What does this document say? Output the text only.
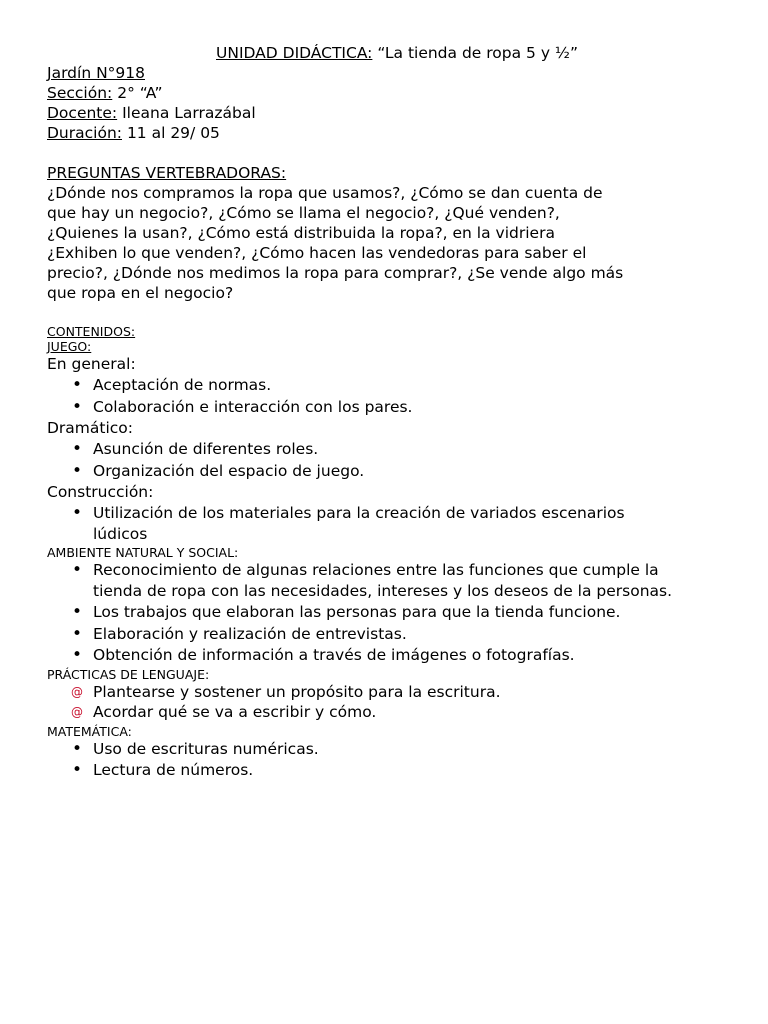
UNIDAD DIDÁCTICA: “La tienda de ropa 5 y ½”
Jardín N°918
Sección: 2° “A”
Docente: Ileana Larrazábal
Duración: 11 al 29/ 05
PREGUNTAS VERTEBRADORAS:
¿Dónde nos compramos la ropa que usamos?, ¿Cómo se dan cuenta de
que hay un negocio?, ¿Cómo se llama el negocio?, ¿Qué venden?,
¿Quienes la usan?, ¿Cómo está distribuida la ropa?, en la vidriera
¿Exhiben lo que venden?, ¿Cómo hacen las vendedoras para saber el
precio?, ¿Dónde nos medimos la ropa para comprar?, ¿Se vende algo más
que ropa en el negocio?
CONTENIDOS:
JUEGO:
En general:
•
Aceptación de normas.
•
Colaboración e interacción con los pares.
Dramático:
•
Asunción de diferentes roles.
•
Organización del espacio de juego.
Construcción:
•
Utilización de los materiales para la creación de variados escenarios lúdicos
AMBIENTE NATURAL Y SOCIAL:
•
Reconocimiento de algunas relaciones entre las funciones que cumple la tienda de ropa con las necesidades, intereses y los deseos de la personas.
•
Los trabajos que elaboran las personas para que la tienda funcione.
•
Elaboración y realización de entrevistas.
•
Obtención de información a través de imágenes o fotografías.
PRÁCTICAS DE LENGUAJE:
@ Plantearse y sostener un propósito para la escritura.
@ Acordar qué se va a escribir y cómo.
MATEMÁTICA:
•
Uso de escrituras numéricas.
•
Lectura de números.
